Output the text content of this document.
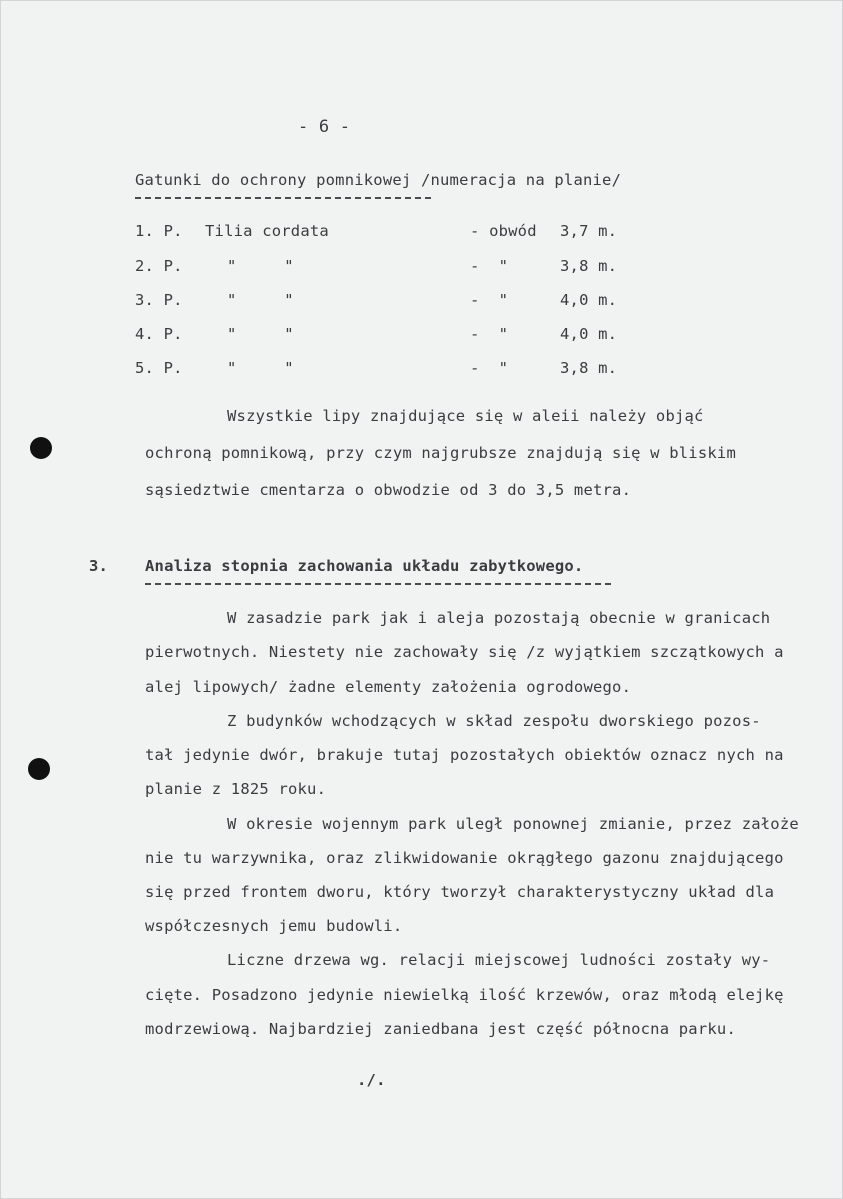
- 6 -
Gatunki do ochrony pomnikowej /numeracja na planie/
1. P. Tilia cordata	- obwód 3,7 m.
2. P.	"     "	-  "	3,8 m.
3. P.	"     "	-  "	4,0 m.
4. P.	"     "	-  "	4,0 m.
5. P.	"     "	-  "	3,8 m.
Wszystkie lipy znajdujące się w aleii należy objąć
ochroną pomnikową, przy czym najgrubsze znajdują się w bliskim
sąsiedztwie cmentarza o obwodzie od 3 do 3,5 metra.
3. Analiza stopnia zachowania układu zabytkowego.
W zasadzie park jak i aleja pozostają obecnie w granicach
pierwotnych. Niestety nie zachowały się /z wyjątkiem szczątkowych a
alej lipowych/ żadne elementy założenia ogrodowego.
Z budynków wchodzących w skład zespołu dworskiego pozos-
tał jedynie dwór, brakuje tutaj pozostałych obiektów oznacz nych na
planie z 1825 roku.
W okresie wojennym park uległ ponownej zmianie, przez założe
nie tu warzywnika, oraz zlikwidowanie okrągłego gazonu znajdującego
się przed frontem dworu, który tworzył charakterystyczny układ dla
współczesnych jemu budowli.
Liczne drzewa wg. relacji miejscowej ludności zostały wy-
cięte. Posadzono jedynie niewielką ilość krzewów, oraz młodą elejkę
modrzewiową. Najbardziej zaniedbana jest część północna parku.
./.
